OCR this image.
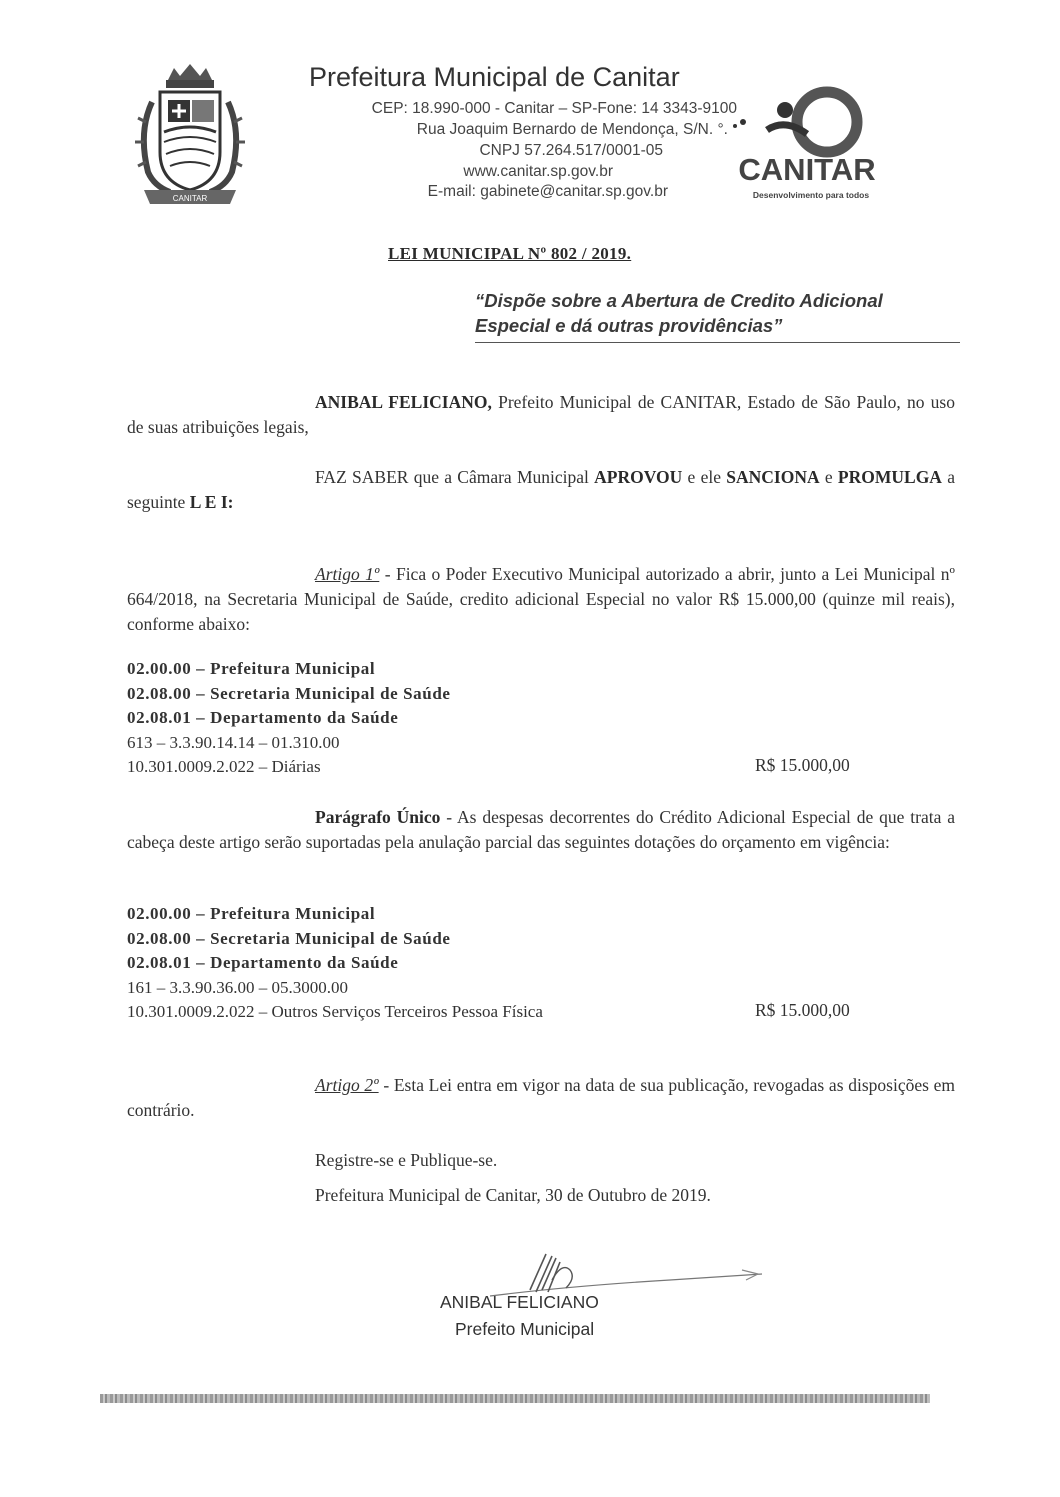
CANITAR
Prefeitura Municipal de Canitar
CEP: 18.990-000 - Canitar – SP-Fone: 14 3343-9100
Rua Joaquim Bernardo de Mendonça, S/N. °.
CNPJ 57.264.517/0001-05
www.canitar.sp.gov.br
E-mail: gabinete@canitar.sp.gov.br
CANITAR
Desenvolvimento para todos
LEI MUNICIPAL Nº 802 / 2019.
“Dispõe sobre a Abertura de Credito Adicional Especial e dá outras providências”
ANIBAL FELICIANO, Prefeito Municipal de CANITAR, Estado de São Paulo, no uso de suas atribuições legais,
FAZ SABER que a Câmara Municipal APROVOU e ele SANCIONA e PROMULGA a seguinte L E I:
Artigo 1º - Fica o Poder Executivo Municipal autorizado a abrir, junto a Lei Municipal nº 664/2018, na Secretaria Municipal de Saúde, credito adicional Especial no valor R$ 15.000,00 (quinze mil reais), conforme abaixo:
02.00.00 – Prefeitura Municipal
02.08.00 – Secretaria Municipal de Saúde
02.08.01 – Departamento da Saúde
613 – 3.3.90.14.14 – 01.310.00
10.301.0009.2.022 – Diárias	R$ 15.000,00
Parágrafo Único - As despesas decorrentes do Crédito Adicional Especial de que trata a cabeça deste artigo serão suportadas pela anulação parcial das seguintes dotações do orçamento em vigência:
02.00.00 – Prefeitura Municipal
02.08.00 – Secretaria Municipal de Saúde
02.08.01 – Departamento da Saúde
161 – 3.3.90.36.00 – 05.3000.00
10.301.0009.2.022 – Outros Serviços Terceiros Pessoa Física	R$ 15.000,00
Artigo 2º - Esta Lei entra em vigor na data de sua publicação, revogadas as disposições em contrário.
Registre-se e Publique-se.
Prefeitura Municipal de Canitar, 30 de Outubro de 2019.
ANIBAL FELICIANO
Prefeito Municipal
